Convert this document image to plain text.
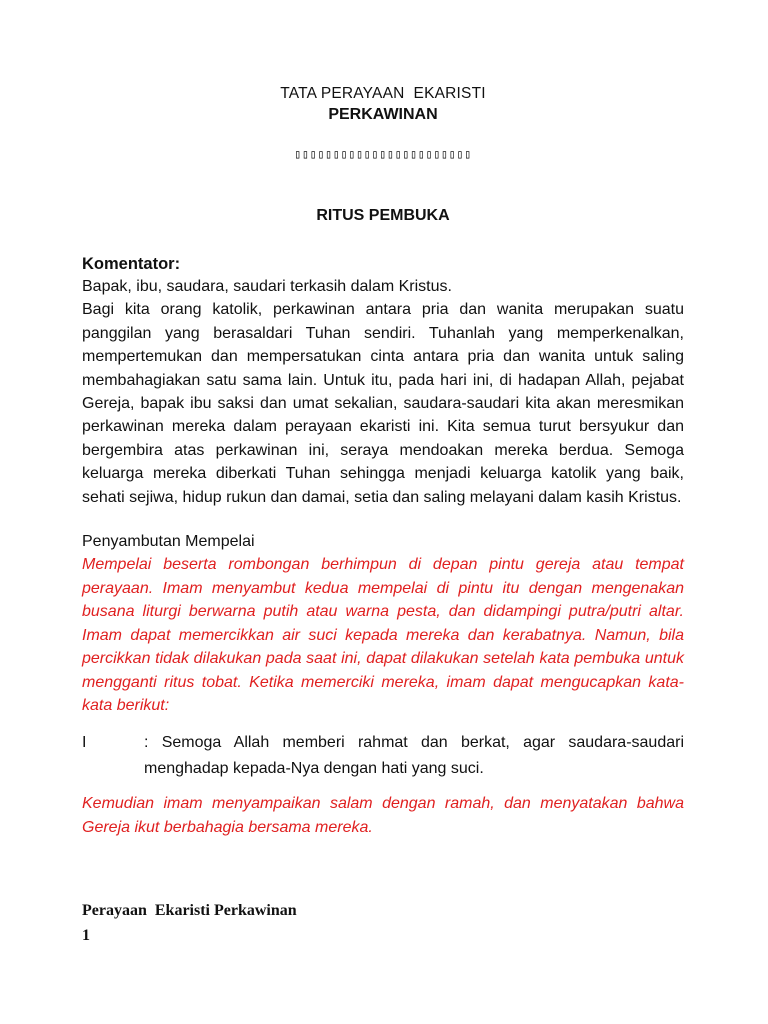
TATA PERAYAAN  EKARISTI

PERKAWINAN

▯▯▯▯▯▯▯▯▯▯▯▯▯▯▯▯▯▯▯▯▯▯▯
RITUS PEMBUKA
Komentator:

Bapak, ibu, saudara, saudari terkasih dalam Kristus.

Bagi kita orang katolik, perkawinan antara pria dan wanita merupakan suatu panggilan yang berasaldari Tuhan sendiri. Tuhanlah yang memperkenalkan, mempertemukan dan mempersatukan cinta antara pria dan wanita untuk saling membahagiakan satu sama lain. Untuk itu, pada hari ini, di hadapan Allah, pejabat Gereja, bapak ibu saksi dan umat sekalian, saudara-saudari kita akan meresmikan perkawinan mereka dalam perayaan ekaristi ini. Kita semua turut bersyukur dan bergembira atas perkawinan ini, seraya mendoakan mereka berdua. Semoga keluarga mereka diberkati Tuhan sehingga menjadi keluarga katolik yang baik, sehati sejiwa, hidup rukun dan damai, setia dan saling melayani dalam kasih Kristus.

Penyambutan Mempelai

Mempelai beserta rombongan berhimpun di depan pintu gereja atau tempat perayaan. Imam menyambut kedua mempelai di pintu itu dengan mengenakan busana liturgi berwarna putih atau warna pesta, dan didampingi putra/putri altar. Imam dapat memercikkan air suci kepada mereka dan kerabatnya. Namun, bila percikkan tidak dilakukan pada saat ini, dapat dilakukan setelah kata pembuka untuk mengganti ritus tobat. Ketika memerciki mereka, imam dapat mengucapkan kata-kata berikut:

I	: Semoga Allah memberi rahmat dan berkat, agar saudara-saudari menghadap kepada-Nya dengan hati yang suci.

Kemudian imam menyampaikan salam dengan ramah, dan menyatakan bahwa Gereja ikut berbahagia bersama mereka.

Perayaan  Ekaristi Perkawinan
1
